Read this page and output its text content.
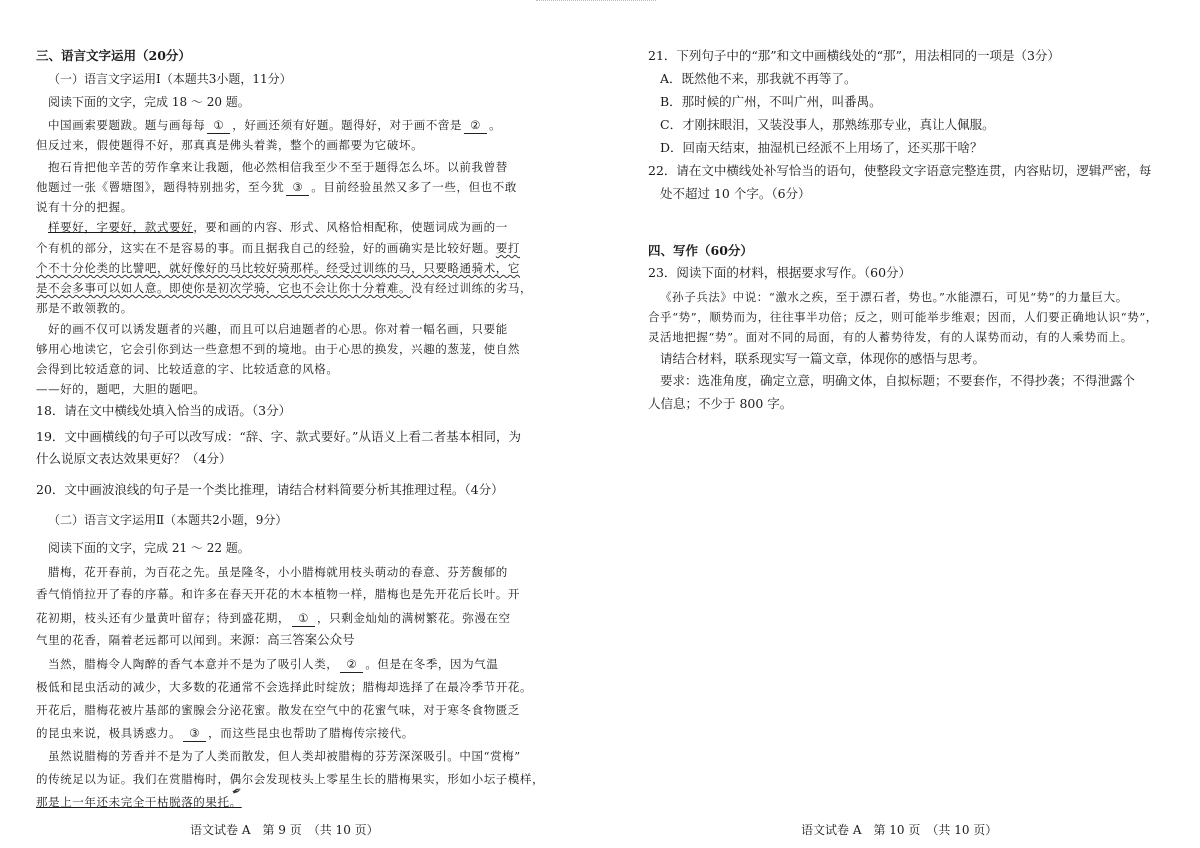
三、语言文字运用（20分）
（一）语言文字运用Ⅰ（本题共3小题，11分）
阅读下面的文字，完成 18 ～ 20 题。
中国画索要题跋。题与画每每 ① ，好画还须有好题。题得好，对于画不啻是 ② 。
但反过来，假使题得不好，那真真是佛头着粪，整个的画都要为它破坏。
抱石肯把他辛苦的劳作拿来让我题，他必然相信我至少不至于题得怎么坏。以前我曾替
他题过一张《罾塘图》，题得特别拙劣，至今犹 ③ 。目前经验虽然又多了一些，但也不敢
说有十分的把握。
样要好，字要好，款式要好，要和画的内容、形式、风格恰相配称，使题词成为画的一
个有机的部分，这实在不是容易的事。而且据我自己的经验，好的画确实是比较好题。要打
个不十分伦类的比譬吧，就好像好的马比较好骑那样。经受过训练的马，只要略通骑术，它
是不会多事可以如人意。即使你是初次学骑，它也不会让你十分着难。没有经过训练的劣马，
那是不敢领教的。
好的画不仅可以诱发题者的兴趣，而且可以启迪题者的心思。你对着一幅名画，只要能
够用心地读它，它会引你到达一些意想不到的境地。由于心思的换发，兴趣的葱茏，使自然
会得到比较适意的词、比较适意的字、比较适意的风格。
——好的，题吧，大胆的题吧。
18．请在文中横线处填入恰当的成语。（3分）
19．文中画横线的句子可以改写成：“辞、字、款式要好。”从语义上看二者基本相同，为
什么说原文表达效果更好？（4分）
20．文中画波浪线的句子是一个类比推理，请结合材料简要分析其推理过程。（4分）
（二）语言文字运用Ⅱ（本题共2小题，9分）
阅读下面的文字，完成 21 ～ 22 题。
腊梅，花开春前，为百花之先。虽是隆冬，小小腊梅就用枝头萌动的春意、芬芳馥郁的
香气悄悄拉开了春的序幕。和许多在春天开花的木本植物一样，腊梅也是先开花后长叶。开
花初期，枝头还有少量黄叶留存；待到盛花期， ① ，只剩金灿灿的满树繁花。弥漫在空
气里的花香，隔着老远都可以闻到。来源：高三答案公众号
当然，腊梅令人陶醉的香气本意并不是为了吸引人类， ② 。但是在冬季，因为气温
极低和昆虫活动的减少，大多数的花通常不会选择此时绽放；腊梅却选择了在最冷季节开花。
开花后，腊梅花被片基部的蜜腺会分泌花蜜。散发在空气中的花蜜气味，对于寒冬食物匮乏
的昆虫来说，极具诱惑力。 ③ ，而这些昆虫也帮助了腊梅传宗接代。
虽然说腊梅的芳香并不是为了人类而散发，但人类却被腊梅的芬芳深深吸引。中国“赏梅”
的传统足以为证。我们在赏腊梅时，偶尔会发现枝头上零星生长的腊梅果实，形如小坛子模样，
那是上一年还未完全干枯脱落的果托。
语文试卷 A　第 9 页　（共 10 页）
✒
21．下列句子中的“那”和文中画横线处的“那”，用法相同的一项是（3分）
A．既然他不来，那我就不再等了。
B．那时候的广州，不叫广州，叫番禺。
C．才刚抹眼泪，又装没事人，那熟练那专业，真让人佩服。
D．回南天结束，抽湿机已经派不上用场了，还买那干啥？
22．请在文中横线处补写恰当的语句，使整段文字语意完整连贯，内容贴切，逻辑严密，每
处不超过 10 个字。（6分）
四、写作（60分）
23．阅读下面的材料，根据要求写作。（60分）
《孙子兵法》中说：“激水之疾，至于漂石者，势也。”水能漂石，可见“势”的力量巨大。
合乎“势”，顺势而为，往往事半功倍；反之，则可能举步维艰；因而，人们要正确地认识“势”，
灵活地把握“势”。面对不同的局面，有的人蓄势待发，有的人谋势而动，有的人乘势而上。
请结合材料，联系现实写一篇文章，体现你的感悟与思考。
要求：选准角度，确定立意，明确文体，自拟标题；不要套作，不得抄袭；不得泄露个
人信息；不少于 800 字。
语文试卷 A　第 10 页　（共 10 页）
